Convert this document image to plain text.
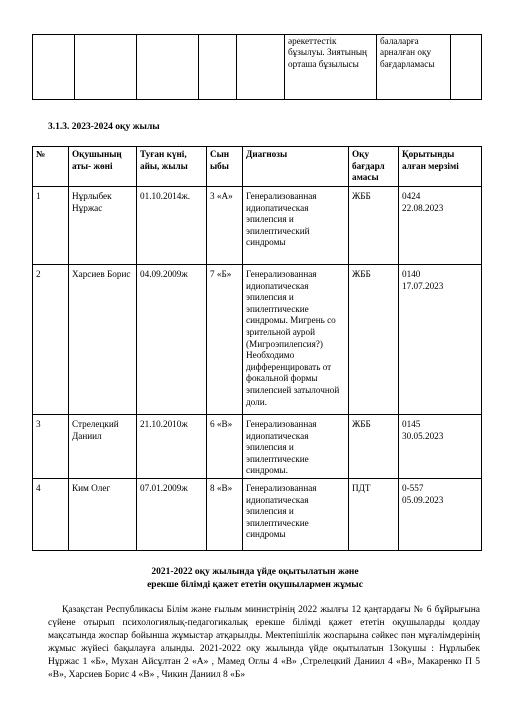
					әрекеттестік бұзылуы. Зиятының орташа бұзылысы	балаларға арналған оқу бағдарламасы	

3.1.3. 2023-2024 оқу жылы

№	Оқушының аты- жөні	Туған күні, айы, жылы	Сын ыбы	Диагнозы	Оқу бағдарл амасы	Қорытынды алған мерзімі
1	Нұрлыбек Нұржас	01.10.2014ж.	3 «А»	Генерализованная идиопатическая эпилепсия и эпилептический синдромы	ЖББ	0424
22.08.2023

2	Харсиев Борис	04.09.2009ж	7 «Б»	Генерализованная идиопатическая эпилепсия и эпилептические синдромы. Мигрень со зрительной аурой (Мигроэпилепсия?) Необходимо дифференцировать от фокальной формы эпилепсией затылочной доли.	ЖББ	0140
17.07.2023

3	Стрелецкий Даниил	21.10.2010ж	6 «В»	Генерализованная идиопатическая эпилепсия и эпилептические синдромы.	ЖББ	0145
30.05.2023

4	Ким Олег	07.01.2009ж	8 «В»	Генерализованная идиопатическая эпилепсия и эпилептические синдромы	ПДТ	0-557
05.09.2023
2021-2022 оқу жылында үйде оқытылатын және
ерекше білімді қажет ететін оқушылармен жұмыс

Қазақстан Республикасы Білім және ғылым министрінің 2022 жылғы 12 қаңтардағы № 6 бұйрығына сүйене отырып психологиялық-педагогикалық ерекше білімді қажет ететін оқушыларды қолдау мақсатында жоспар бойынша жұмыстар атқарылды. Мектепішілік жоспарына сәйкес пән мұғалімдерінің жұмыс жүйесі бақылауға алынды. 2021-2022 оқу жылында үйде оқытылатын 13оқушы : Нұрлыбек Нұржас 1 «Б», Мухан Айсұлтан 2 «А» , Мамед Оглы 4 «В» ,Стрелецкий Даниил 4 «В», Макаренко П 5 «В», Харсиев Борис 4 «В» , Чикин Даниил 8 «Б»
